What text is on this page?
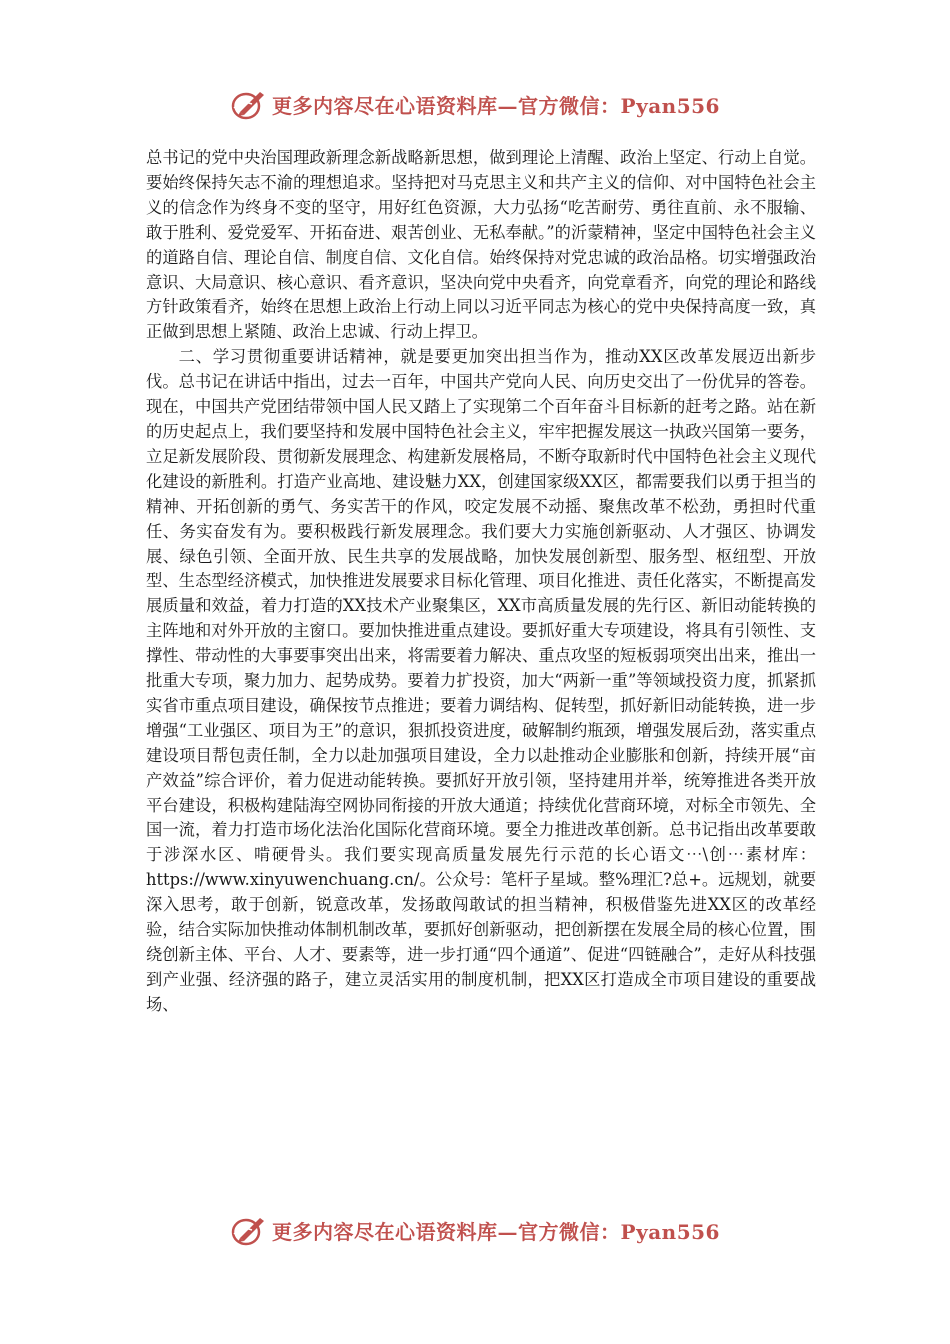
更多内容尽在心语资料库—官方微信：Pyan556

总书记的党中央治国理政新理念新战略新思想，做到理论上清醒、政治上坚定、行动上自觉。要始终保持矢志不渝的理想追求。坚持把对马克思主义和共产主义的信仰、对中国特色社会主义的信念作为终身不变的坚守，用好红色资源，大力弘扬“吃苦耐劳、勇往直前、永不服输、敢于胜利、爱党爱军、开拓奋进、艰苦创业、无私奉献。”的沂蒙精神，坚定中国特色社会主义的道路自信、理论自信、制度自信、文化自信。始终保持对党忠诚的政治品格。切实增强政治意识、大局意识、核心意识、看齐意识，坚决向党中央看齐，向党章看齐，向党的理论和路线方针政策看齐，始终在思想上政治上行动上同以习近平同志为核心的党中央保持高度一致，真正做到思想上紧随、政治上忠诚、行动上捍卫。

二、学习贯彻重要讲话精神，就是要更加突出担当作为，推动XX区改革发展迈出新步伐。总书记在讲话中指出，过去一百年，中国共产党向人民、向历史交出了一份优异的答卷。现在，中国共产党团结带领中国人民又踏上了实现第二个百年奋斗目标新的赶考之路。站在新的历史起点上，我们要坚持和发展中国特色社会主义，牢牢把握发展这一执政兴国第一要务，立足新发展阶段、贯彻新发展理念、构建新发展格局，不断夺取新时代中国特色社会主义现代化建设的新胜利。打造产业高地、建设魅力XX，创建国家级XX区，都需要我们以勇于担当的精神、开拓创新的勇气、务实苦干的作风，咬定发展不动摇、聚焦改革不松劲，勇担时代重任、务实奋发有为。要积极践行新发展理念。我们要大力实施创新驱动、人才强区、协调发展、绿色引领、全面开放、民生共享的发展战略，加快发展创新型、服务型、枢纽型、开放型、生态型经济模式，加快推进发展要求目标化管理、项目化推进、责任化落实，不断提高发展质量和效益，着力打造的XX技术产业聚集区，XX市高质量发展的先行区、新旧动能转换的主阵地和对外开放的主窗口。要加快推进重点建设。要抓好重大专项建设，将具有引领性、支撑性、带动性的大事要事突出出来，将需要着力解决、重点攻坚的短板弱项突出出来，推出一批重大专项，聚力加力、起势成势。要着力扩投资，加大“两新一重”等领域投资力度，抓紧抓实省市重点项目建设，确保按节点推进；要着力调结构、促转型，抓好新旧动能转换，进一步增强“工业强区、项目为王”的意识，狠抓投资进度，破解制约瓶颈，增强发展后劲，落实重点建设项目帮包责任制，全力以赴加强项目建设，全力以赴推动企业膨胀和创新，持续开展“亩产效益”综合评价，着力促进动能转换。要抓好开放引领，坚持建用并举，统筹推进各类开放平台建设，积极构建陆海空网协同衔接的开放大通道；持续优化营商环境，对标全市领先、全国一流，着力打造市场化法治化国际化营商环境。要全力推进改革创新。总书记指出改革要敢于涉深水区、啃硬骨头。我们要实现高质量发展先行示范的长心语文⋯\创⋯素材库：https://www.xinyuwenchuang.cn/。公众号：笔杆子星域。整%理汇?总+。远规划，就要深入思考，敢于创新，锐意改革，发扬敢闯敢试的担当精神，积极借鉴先进XX区的改革经验，结合实际加快推动体制机制改革，要抓好创新驱动，把创新摆在发展全局的核心位置，围绕创新主体、平台、人才、要素等，进一步打通“四个通道”、促进“四链融合”，走好从科技强到产业强、经济强的路子，建立灵活实用的制度机制，把XX区打造成全市项目建设的重要战场、

更多内容尽在心语资料库—官方微信：Pyan556
